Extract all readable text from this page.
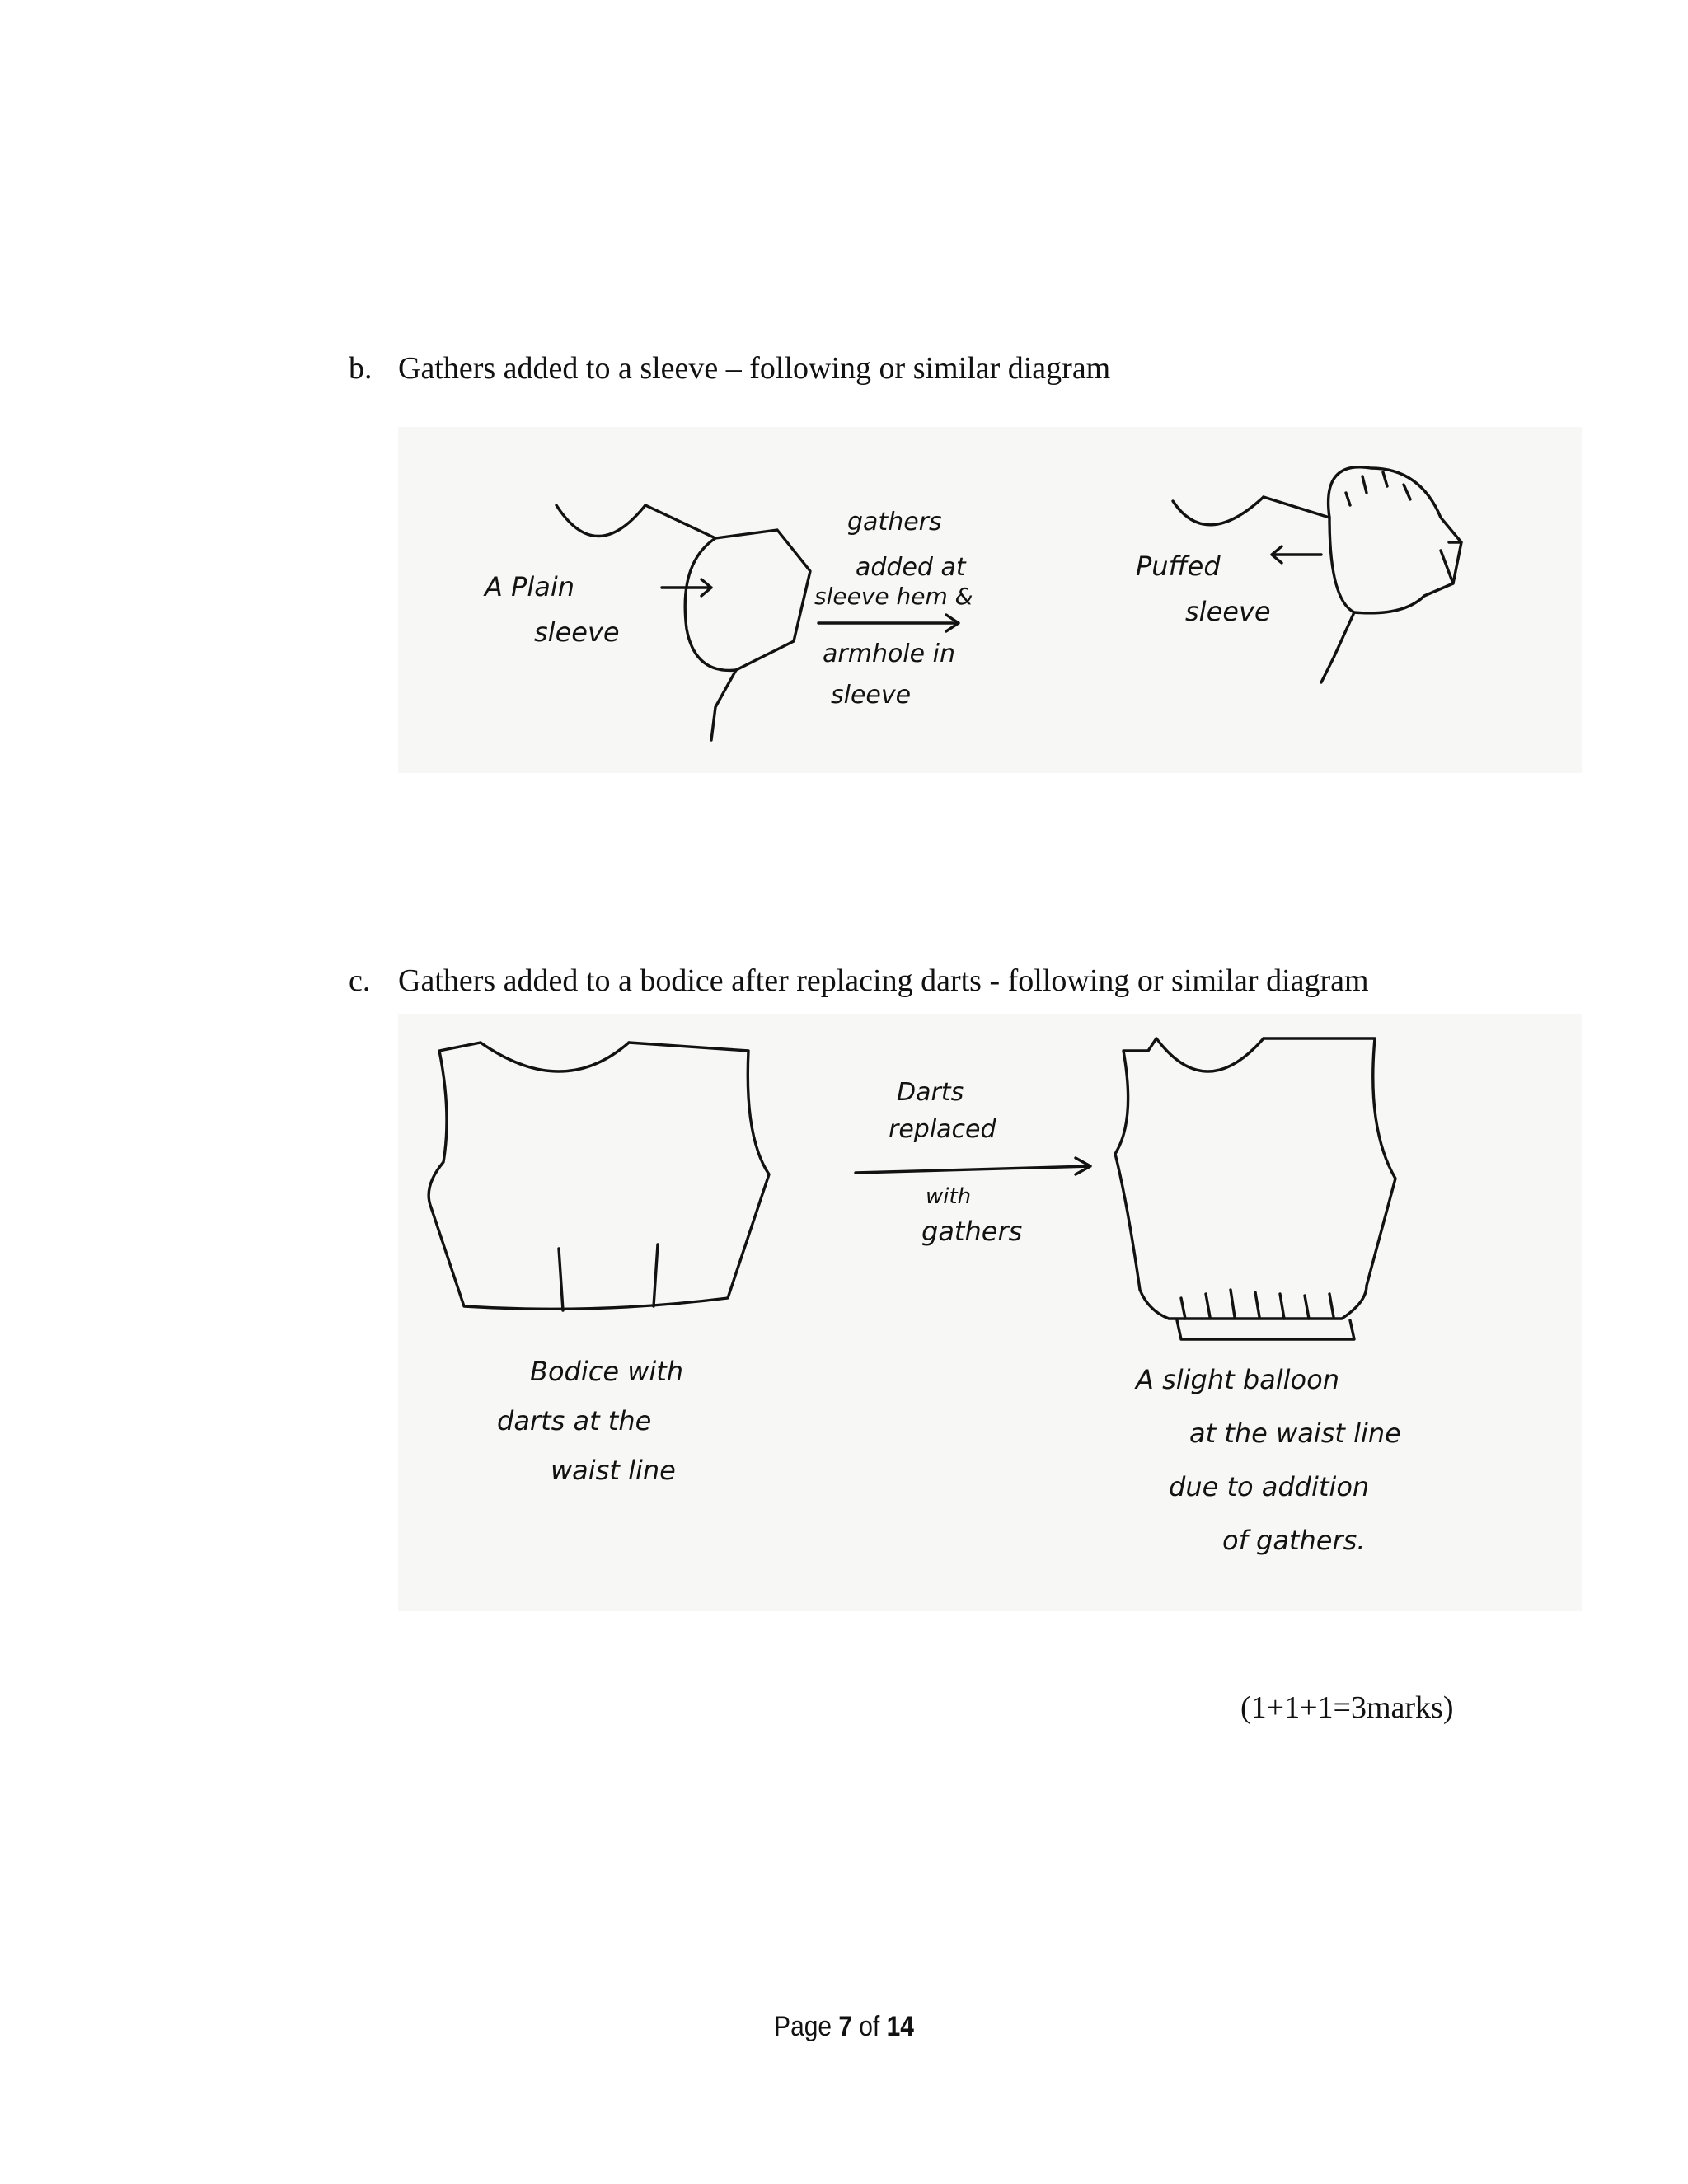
b. Gathers added to a sleeve – following or similar diagram
A Plain
sleeve
gathers
added at
sleeve hem &
armhole in
sleeve
Puffed
sleeve
c. Gathers added to a bodice after replacing darts - following or similar diagram
Bodice with
darts at the
waist line
Darts
replaced
with
gathers
A slight balloon
at the waist line
due to addition
of gathers.
(1+1+1=3marks)
Page 7 of 14
